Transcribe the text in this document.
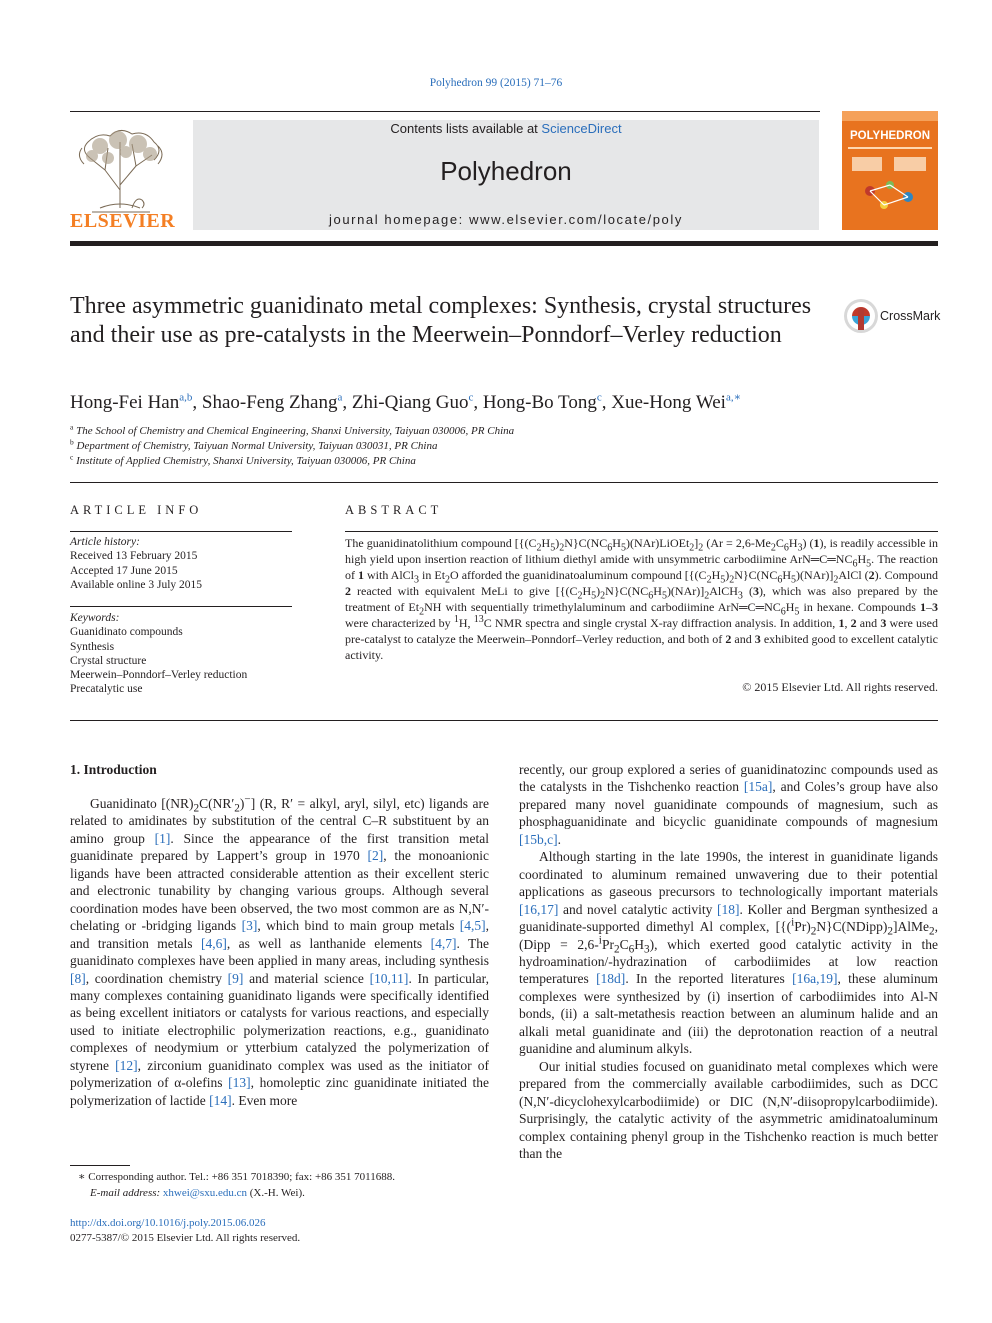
Polyhedron 99 (2015) 71–76
ELSEVIER
Contents lists available at ScienceDirect
Polyhedron
journal homepage: www.elsevier.com/locate/poly
POLYHEDRON
Three asymmetric guanidinato metal complexes: Synthesis, crystal structures and their use as pre-catalysts in the Meerwein–Ponndorf–Verley reduction
CrossMark
Hong-Fei Han$^{a,b}$, Shao-Feng Zhang$^a$, Zhi-Qiang Guo$^c$, Hong-Bo Tong$^c$, Xue-Hong Wei$^{a,∗}$
$^a$ The School of Chemistry and Chemical Engineering, Shanxi University, Taiyuan 030006, PR China
$^b$ Department of Chemistry, Taiyuan Normal University, Taiyuan 030031, PR China
$^c$ Institute of Applied Chemistry, Shanxi University, Taiyuan 030006, PR China
ARTICLE INFO
Article history:
Received 13 February 2015
Accepted 17 June 2015
Available online 3 July 2015
Keywords:
Guanidinato compounds
Synthesis
Crystal structure
Meerwein–Ponndorf–Verley reduction
Precatalytic use
ABSTRACT
The guanidinatolithium compound $[\{(C_2H_5)_2N\}C(NC_6H_5)(NAr)LiOEt_2]_2$ $(Ar = 2,6-Me_2C_6H_3)$ (1), is readily accessible in high yield upon insertion reaction of lithium diethyl amide with unsymmetric carbodiimine $ArN═C═NC_6H_5$. The reaction of 1 with AlCl$_3$ in $Et_2O$ afforded the guanidinatoaluminum compound $[\{(C_2H_5)_2N\}C(NC_6H_5)(NAr)]_2AlCl$ (2). Compound 2 reacted with equivalent MeLi to give $[\{(C_2H_5)_2N\}C(NC_6H_5)(NAr)]_2AlCH_3$ (3), which was also prepared by the treatment of $Et_2NH$ with sequentially trimethylaluminum and carbodiimine $ArN═C═NC_6H_5$ in hexane. Compounds 1–3 were characterized by $^1$H, $^{13}$C NMR spectra and single crystal X-ray diffraction analysis. In addition, 1, 2 and 3 were used pre-catalyst to catalyze the Meerwein–Ponndorf–Verley reduction, and both of 2 and 3 exhibited good to excellent catalytic activity.
© 2015 Elsevier Ltd. All rights reserved.
1. Introduction

Guanidinato $[(NR)_2C(NR'_2)^-]$ (R, R′ = alkyl, aryl, silyl, etc) ligands are related to amidinates by substitution of the central C–R substituent by an amino group [1]. Since the appearance of the first transition metal guanidinate prepared by Lappert’s group in 1970 [2], the monoanionic ligands have been attracted considerable attention as their excellent steric and electronic tunability by changing various groups. Although several coordination modes have been observed, the two most common are as N,N′-chelating or -bridging ligands [3], which bind to main group metals [4,5], and transition metals [4,6], as well as lanthanide elements [4,7]. The guanidinato complexes have been applied in many areas, including synthesis [8], coordination chemistry [9] and material science [10,11]. In particular, many complexes containing guanidinato ligands were specifically identified as being excellent initiators or catalysts for various reactions, and especially used to initiate electrophilic polymerization reactions, e.g., guanidinato complexes of neodymium or ytterbium catalyzed the polymerization of styrene [12], zirconium guanidinato complex was used as the initiator of polymerization of α-olefins [13], homoleptic zinc guanidinate initiated the polymerization of lactide [14]. Even more

recently, our group explored a series of guanidinatozinc compounds used as the catalysts in the Tishchenko reaction [15a], and Coles’s group have also prepared many novel guanidinate compounds of magnesium, such as phosphaguanidinate and bicyclic guanidinate compounds of magnesium [15b,c].

Although starting in the late 1990s, the interest in guanidinate ligands coordinated to aluminum remained unwavering due to their potential applications as gaseous precursors to technologically important materials [16,17] and novel catalytic activity [18]. Koller and Bergman synthesized a guanidinate-supported dimethyl Al complex, $[\{(^iPr)_2N\}C(NDipp)_2]AlMe_2$, (Dipp = $2,6-^iPr_2C_6H_3$), which exerted good catalytic activity in the hydroamination/-hydrazination of carbodiimides at low reaction temperatures [18d]. In the reported literatures [16a,19], these aluminum complexes were synthesized by (i) insertion of carbodiimides into Al-N bonds, (ii) a salt-metathesis reaction between an aluminum halide and an alkali metal guanidinate and (iii) the deprotonation reaction of a neutral guanidine and aluminum alkyls.

Our initial studies focused on guanidinato metal complexes which were prepared from the commercially available carbodiimides, such as DCC (N,N′-dicyclohexylcarbodiimide) or DIC (N,N′-diisopropylcarbodiimide). Surprisingly, the catalytic activity of the asymmetric amidinatoaluminum complex containing phenyl group in the Tishchenko reaction is much better than the

∗ Corresponding author. Tel.: +86 351 7018390; fax: +86 351 7011688.
E-mail address: xhwei@sxu.edu.cn (X.-H. Wei).
http://dx.doi.org/10.1016/j.poly.2015.06.026
0277-5387/© 2015 Elsevier Ltd. All rights reserved.
